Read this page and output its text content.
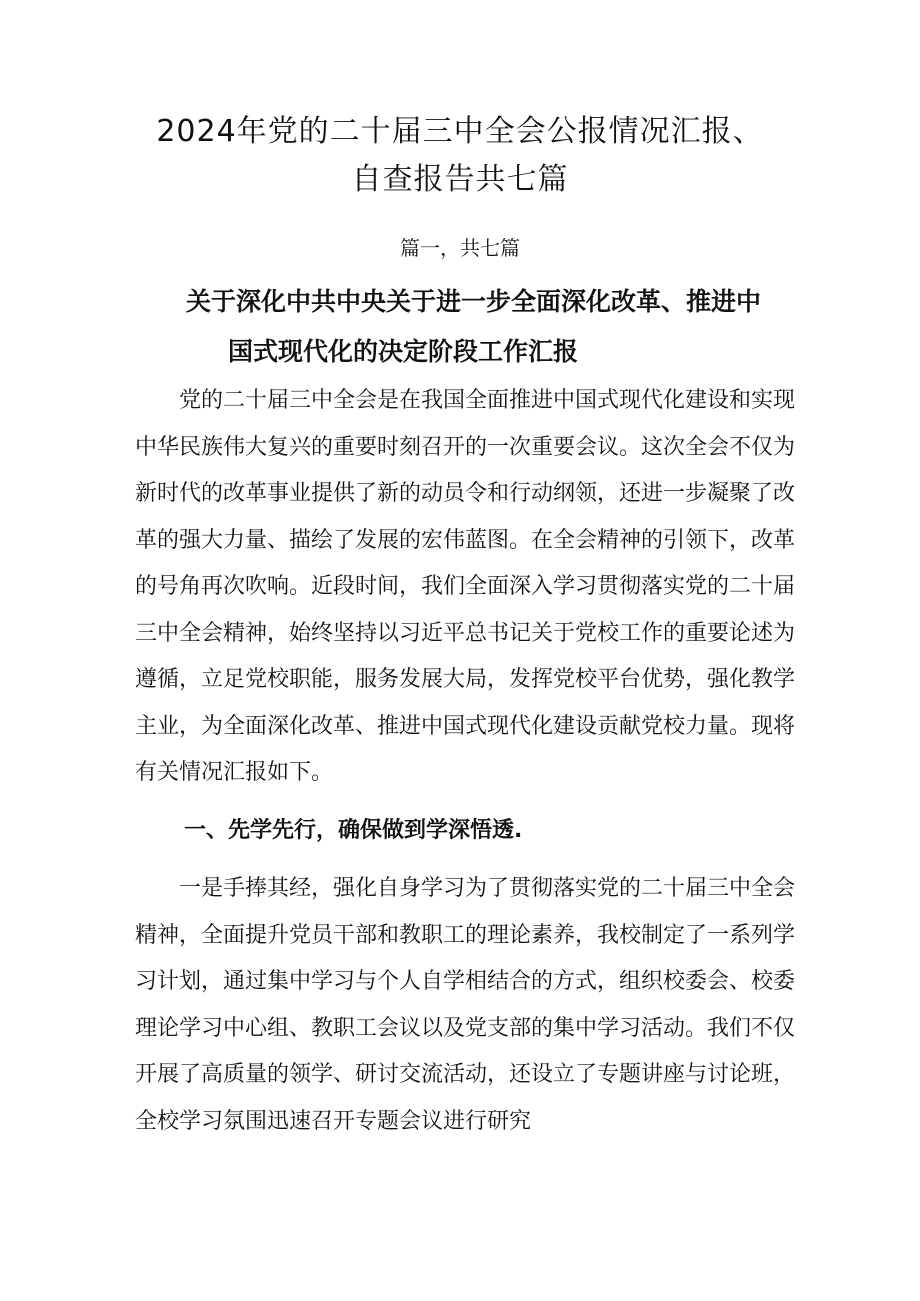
2024年党的二十届三中全会公报情况汇报、
自查报告共七篇

篇一，共七篇

关于深化中共中央关于进一步全面深化改革、推进中
国式现代化的决定阶段工作汇报

党的二十届三中全会是在我国全面推进中国式现代化建设和实现中华民族伟大复兴的重要时刻召开的一次重要会议。这次全会不仅为新时代的改革事业提供了新的动员令和行动纲领，还进一步凝聚了改革的强大力量、描绘了发展的宏伟蓝图。在全会精神的引领下，改革的号角再次吹响。近段时间，我们全面深入学习贯彻落实党的二十届三中全会精神，始终坚持以习近平总书记关于党校工作的重要论述为遵循，立足党校职能，服务发展大局，发挥党校平台优势，强化教学主业，为全面深化改革、推进中国式现代化建设贡献党校力量。现将有关情况汇报如下。

一、先学先行，确保做到学深悟透.

一是手捧其经，强化自身学习为了贯彻落实党的二十届三中全会精神，全面提升党员干部和教职工的理论素养，我校制定了一系列学习计划，通过集中学习与个人自学相结合的方式，组织校委会、校委理论学习中心组、教职工会议以及党支部的集中学习活动。我们不仅开展了高质量的领学、研讨交流活动，还设立了专题讲座与讨论班，全校学习氛围迅速召开专题会议进行研究
